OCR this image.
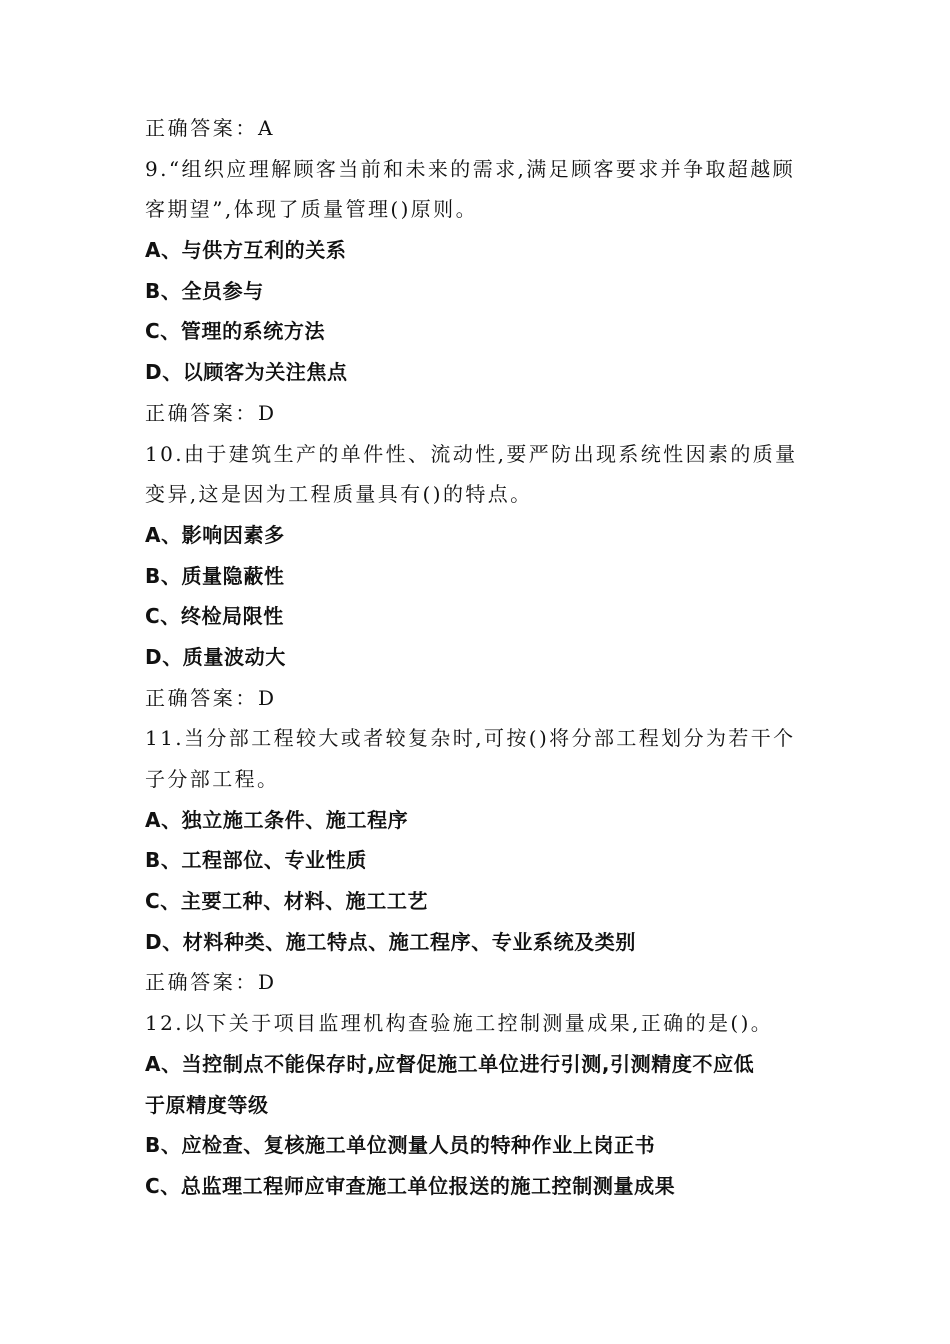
正确答案：A
9.“组织应理解顾客当前和未来的需求,满足顾客要求并争取超越顾
客期望”,体现了质量管理()原则。
A、与供方互利的关系
B、全员参与
C、管理的系统方法
D、以顾客为关注焦点
正确答案：D
10.由于建筑生产的单件性、流动性,要严防出现系统性因素的质量
变异,这是因为工程质量具有()的特点。
A、影响因素多
B、质量隐蔽性
C、终检局限性
D、质量波动大
正确答案：D
11.当分部工程较大或者较复杂时,可按()将分部工程划分为若干个
子分部工程。
A、独立施工条件、施工程序
B、工程部位、专业性质
C、主要工种、材料、施工工艺
D、材料种类、施工特点、施工程序、专业系统及类别
正确答案：D
12.以下关于项目监理机构查验施工控制测量成果,正确的是()。
A、当控制点不能保存时,应督促施工单位进行引测,引测精度不应低
于原精度等级
B、应检查、复核施工单位测量人员的特种作业上岗正书
C、总监理工程师应审查施工单位报送的施工控制测量成果
